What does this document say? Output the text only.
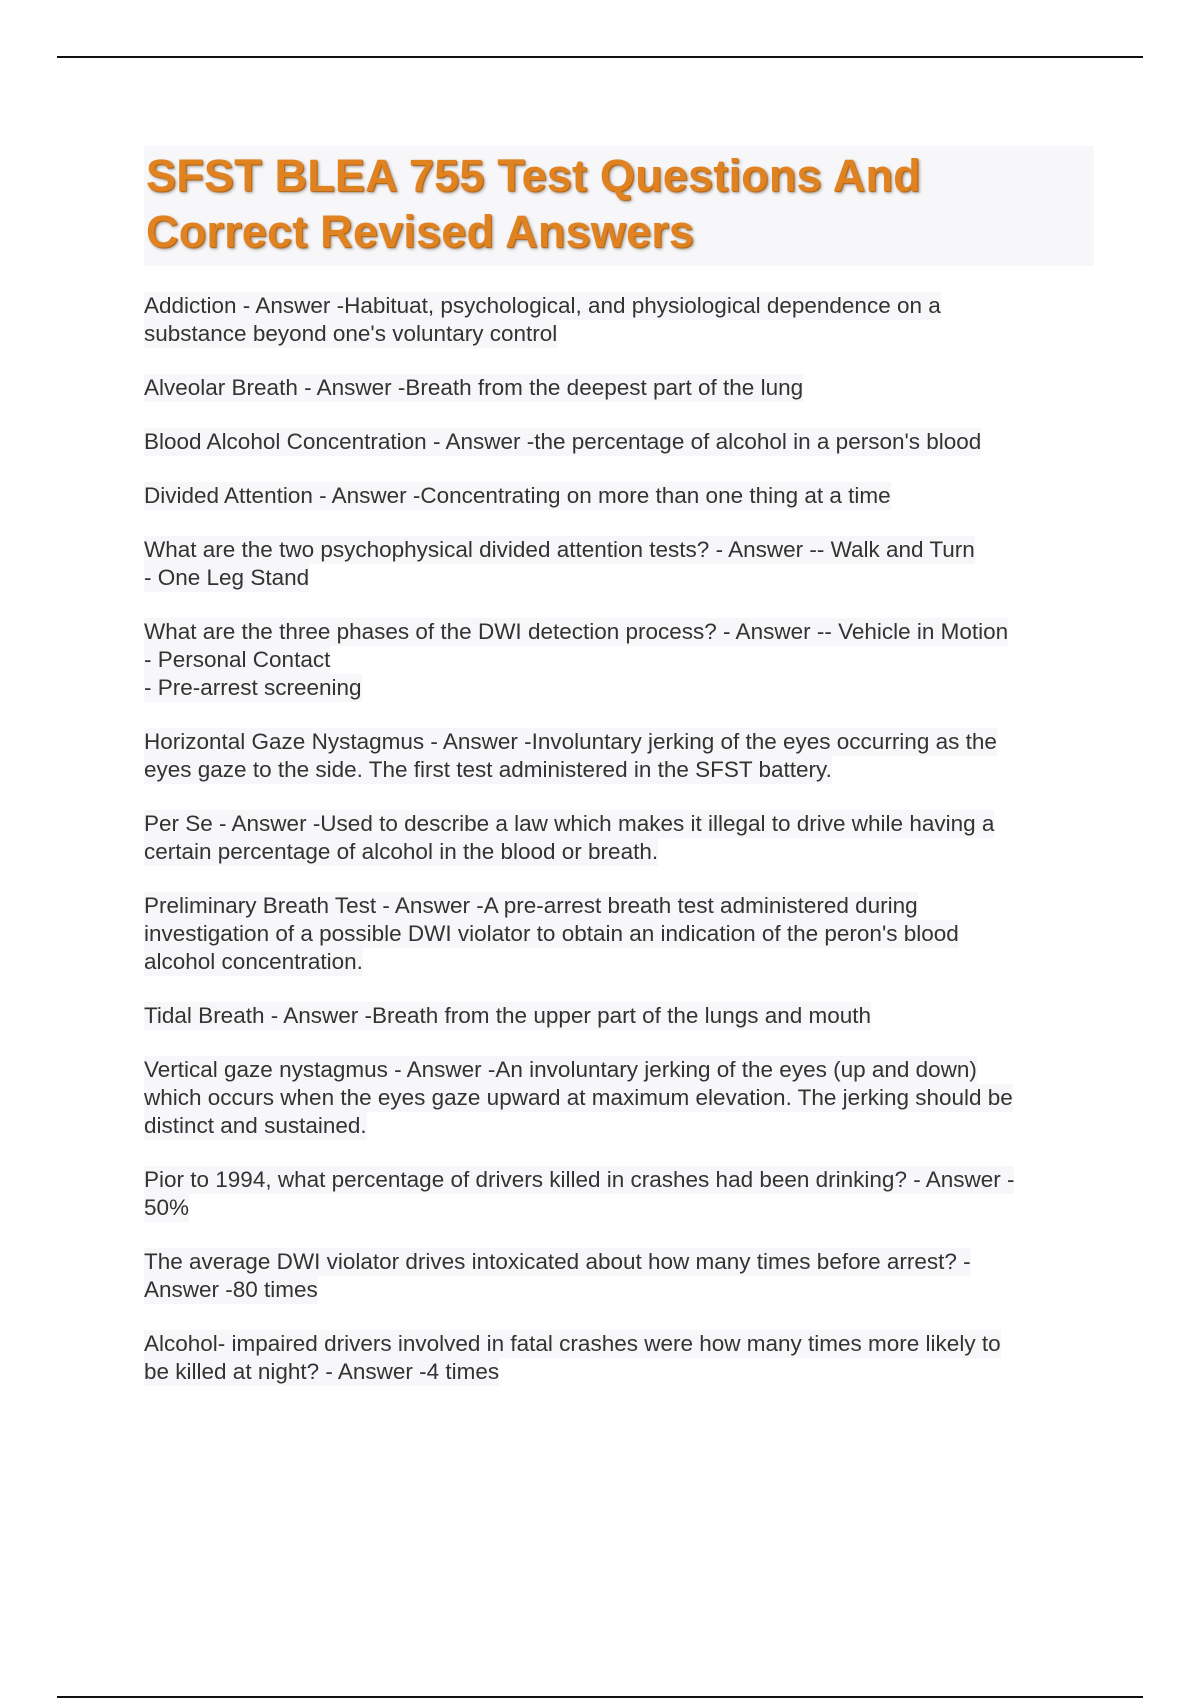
SFST BLEA 755 Test Questions And
Correct Revised Answers
Addiction - Answer -Habituat, psychological, and physiological dependence on a
substance beyond one's voluntary control
Alveolar Breath - Answer -Breath from the deepest part of the lung
Blood Alcohol Concentration - Answer -the percentage of alcohol in a person's blood
Divided Attention - Answer -Concentrating on more than one thing at a time
What are the two psychophysical divided attention tests? - Answer -- Walk and Turn
- One Leg Stand
What are the three phases of the DWI detection process? - Answer -- Vehicle in Motion
- Personal Contact
- Pre-arrest screening
Horizontal Gaze Nystagmus - Answer -Involuntary jerking of the eyes occurring as the
eyes gaze to the side. The first test administered in the SFST battery.
Per Se - Answer -Used to describe a law which makes it illegal to drive while having a
certain percentage of alcohol in the blood or breath.
Preliminary Breath Test - Answer -A pre-arrest breath test administered during
investigation of a possible DWI violator to obtain an indication of the peron's blood
alcohol concentration.
Tidal Breath - Answer -Breath from the upper part of the lungs and mouth
Vertical gaze nystagmus - Answer -An involuntary jerking of the eyes (up and down)
which occurs when the eyes gaze upward at maximum elevation. The jerking should be
distinct and sustained.
Pior to 1994, what percentage of drivers killed in crashes had been drinking? - Answer -
50%
The average DWI violator drives intoxicated about how many times before arrest? -
Answer -80 times
Alcohol- impaired drivers involved in fatal crashes were how many times more likely to
be killed at night? - Answer -4 times
